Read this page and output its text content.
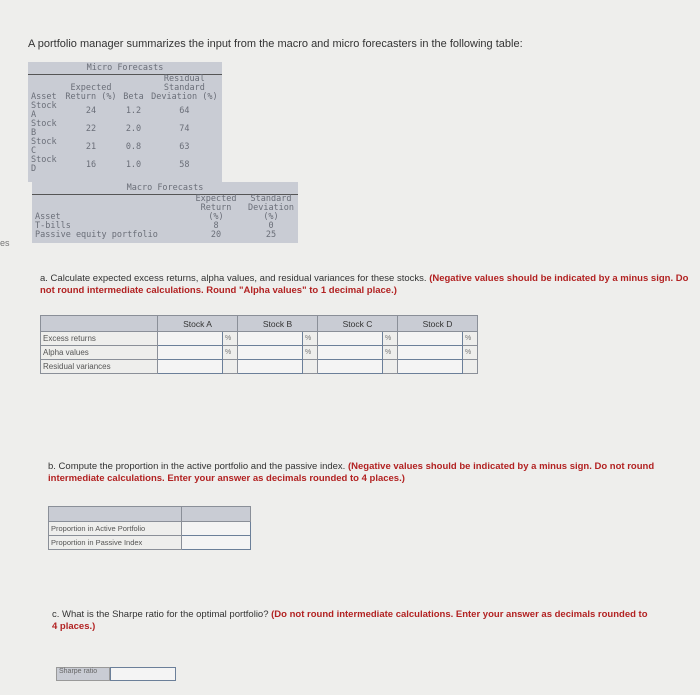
A portfolio manager summarizes the input from the macro and micro forecasters in the following table:
es
Micro Forecasts
Asset	Expected Return (%)	Beta	Residual Standard Deviation (%)
Stock A	24	1.2	64
Stock B	22	2.0	74
Stock C	21	0.8	63
Stock D	16	1.0	58
Macro Forecasts
Asset	Expected Return (%)	Standard Deviation (%)
T-bills	8	0
Passive equity portfolio	20	25
a. Calculate expected excess returns, alpha values, and residual variances for these stocks. (Negative values should be indicated by a minus sign. Do not round intermediate calculations. Round "Alpha values" to 1 decimal place.)
	Stock A		Stock B		Stock C		Stock D	
Excess returns		%		%		%		%
Alpha values		%		%		%		%
Residual variances								
b. Compute the proportion in the active portfolio and the passive index. (Negative values should be indicated by a minus sign. Do not round intermediate calculations. Enter your answer as decimals rounded to 4 places.)

Proportion in Active Portfolio	
Proportion in Passive Index	
c. What is the Sharpe ratio for the optimal portfolio? (Do not round intermediate calculations. Enter your answer as decimals rounded to 4 places.)
Sharpe ratio
